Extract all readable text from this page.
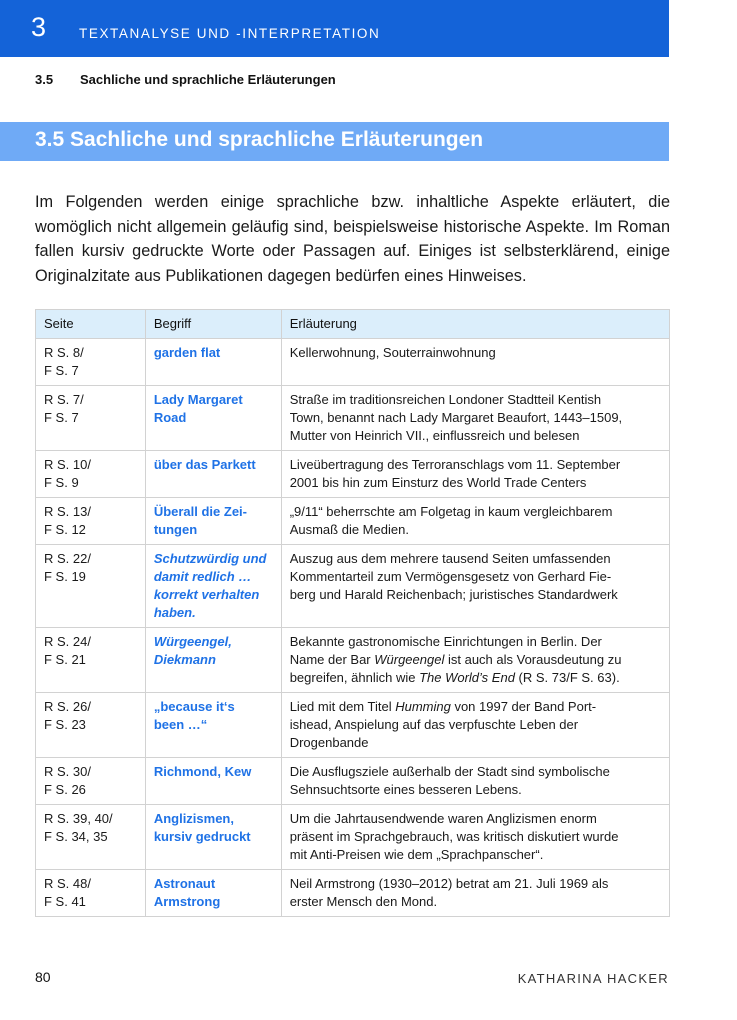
3 TEXTANALYSE UND -INTERPRETATION
3.5 Sachliche und sprachliche Erläuterungen
3.5 Sachliche und sprachliche Erläuterungen

Im Folgenden werden einige sprachliche bzw. inhaltliche Aspekte erläutert, die womöglich nicht allgemein geläufig sind, beispielsweise historische Aspekte. Im Roman fallen kursiv gedruckte Worte oder Passagen auf. Einiges ist selbsterklärend, einige Originalzitate aus Publikationen dagegen bedürfen eines Hinweises.

Seite	Begriff	Erläuterung

R S. 8/
F S. 7	garden flat	Kellerwohnung, Souterrainwohnung

R S. 7/
F S. 7	Lady Margaret
Road	Straße im traditionsreichen Londoner Stadtteil Kentish
Town, benannt nach Lady Margaret Beaufort, 1443–1509,
Mutter von Heinrich VII., einflussreich und belesen

R S. 10/
F S. 9	über das Parkett	Liveübertragung des Terroranschlags vom 11. September
2001 bis hin zum Einsturz des World Trade Centers

R S. 13/
F S. 12	Überall die Zei-
tungen	„9/11“ beherrschte am Folgetag in kaum vergleichbarem
Ausmaß die Medien.

R S. 22/
F S. 19	Schutzwürdig und
damit redlich …
korrekt verhalten
haben.	Auszug aus dem mehrere tausend Seiten umfassenden
Kommentarteil zum Vermögensgesetz von Gerhard Fie-
berg und Harald Reichenbach; juristisches Standardwerk

R S. 24/
F S. 21	Würgeengel,
Diekmann	Bekannte gastronomische Einrichtungen in Berlin. Der
Name der Bar Würgeengel ist auch als Vorausdeutung zu
begreifen, ähnlich wie The World’s End (R S. 73/F S. 63).

R S. 26/
F S. 23	„because it‘s
been …“	Lied mit dem Titel Humming von 1997 der Band Port-
ishead, Anspielung auf das verpfuschte Leben der
Drogenbande

R S. 30/
F S. 26	Richmond, Kew	Die Ausflugsziele außerhalb der Stadt sind symbolische
Sehnsuchtsorte eines besseren Lebens.

R S. 39, 40/
F S. 34, 35	Anglizismen,
kursiv gedruckt	Um die Jahrtausendwende waren Anglizismen enorm
präsent im Sprachgebrauch, was kritisch diskutiert wurde
mit Anti-Preisen wie dem „Sprachpanscher“.

R S. 48/
F S. 41	Astronaut
Armstrong	Neil Armstrong (1930–2012) betrat am 21. Juli 1969 als
erster Mensch den Mond.
80	KATHARINA HACKER
